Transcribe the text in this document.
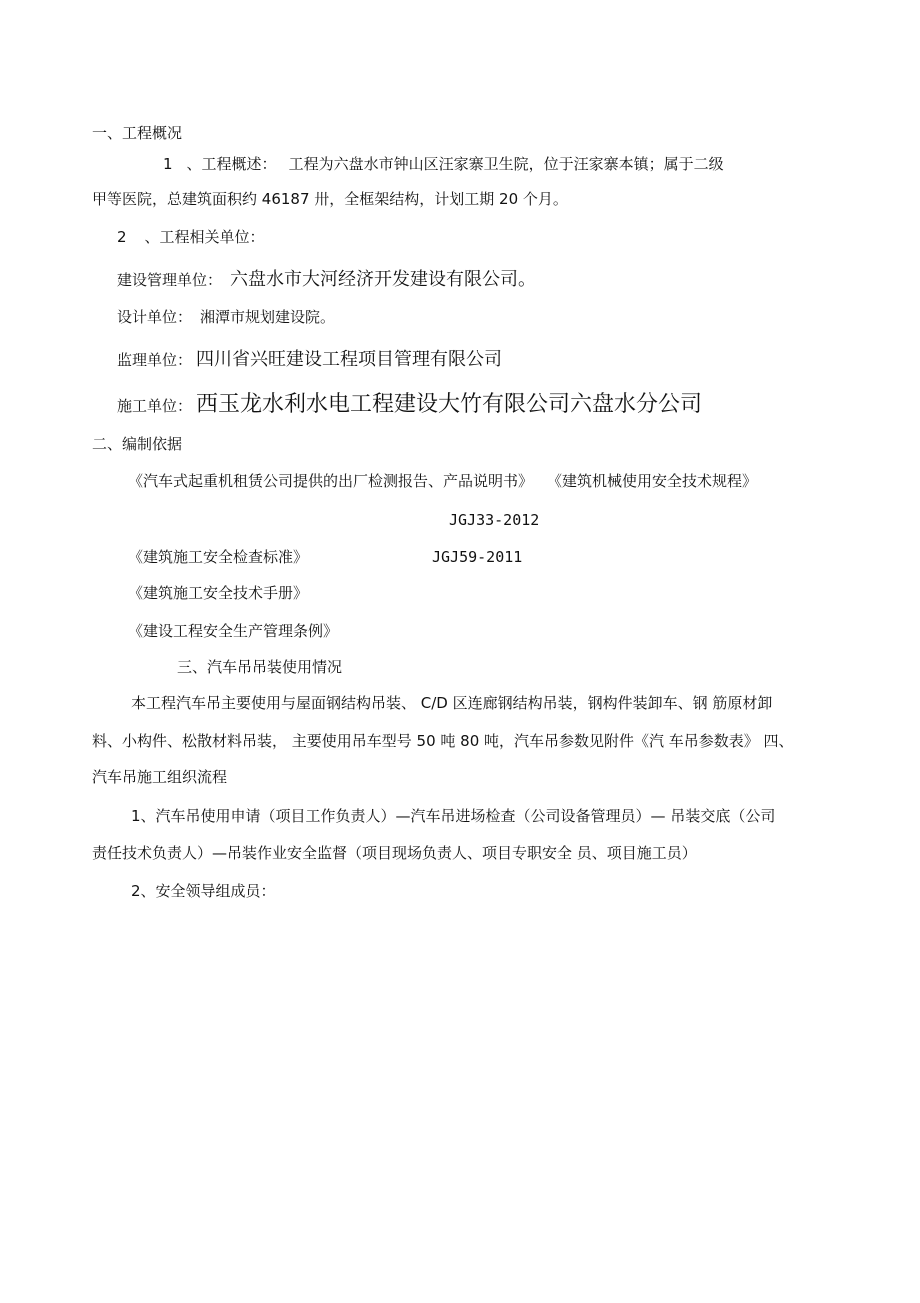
一、工程概况
1 、工程概述： 工程为六盘水市钟山区汪家寨卫生院，位于汪家寨本镇；属于二级
甲等医院，总建筑面积约 46187 卅，全框架结构，计划工期 20 个月。
2 、工程相关单位：
建设管理单位： 六盘水市大河经济开发建设有限公司。
设计单位： 湘潭市规划建设院。
监理单位： 四川省兴旺建设工程项目管理有限公司
施工单位： 西玉龙水利水电工程建设大竹有限公司六盘水分公司
二、编制依据
《汽车式起重机租赁公司提供的出厂检测报告、产品说明书》 《建筑机械使用安全技术规程》
JGJ33-2012
《建筑施工安全检查标准》	JGJ59-2011
《建筑施工安全技术手册》
《建设工程安全生产管理条例》
三、汽车吊吊装使用情况
本工程汽车吊主要使用与屋面钢结构吊装、 C/D 区连廊钢结构吊装，钢构件装卸车、钢 筋原材卸
料、小构件、松散材料吊装， 主要使用吊车型号 50 吨 80 吨，汽车吊参数见附件《汽 车吊参数表》 四、
汽车吊施工组织流程
1、汽车吊使用申请（项目工作负责人）—汽车吊进场检查（公司设备管理员）— 吊装交底（公司
责任技术负责人）—吊装作业安全监督（项目现场负责人、项目专职安全 员、项目施工员）
2、安全领导组成员：
